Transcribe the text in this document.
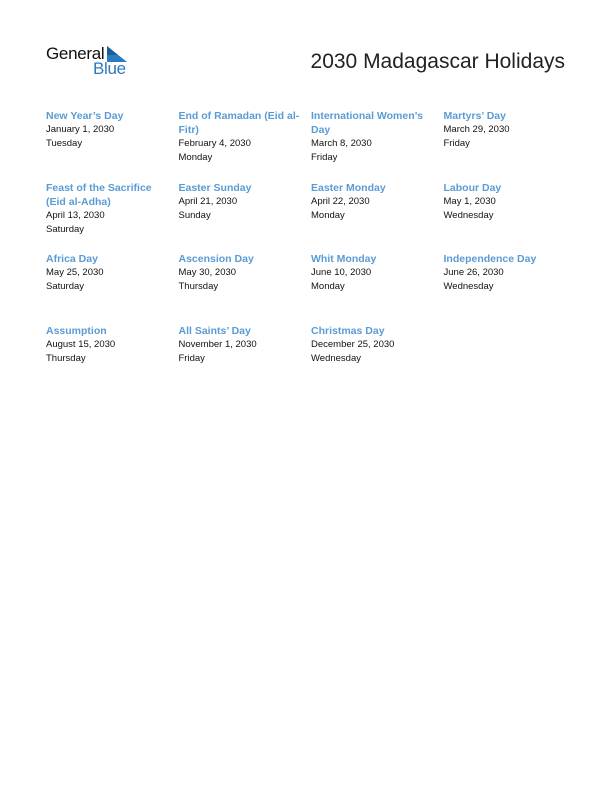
General
Blue	2030 Madagascar Holidays
New Year’s Day
January 1, 2030
Tuesday
End of Ramadan (Eid al-Fitr)
February 4, 2030
Monday
International Women’s Day
March 8, 2030
Friday
Martyrs’ Day
March 29, 2030
Friday
Feast of the Sacrifice (Eid al-Adha)
April 13, 2030
Saturday
Easter Sunday
April 21, 2030
Sunday
Easter Monday
April 22, 2030
Monday
Labour Day
May 1, 2030
Wednesday
Africa Day
May 25, 2030
Saturday
Ascension Day
May 30, 2030
Thursday
Whit Monday
June 10, 2030
Monday
Independence Day
June 26, 2030
Wednesday
Assumption
August 15, 2030
Thursday
All Saints’ Day
November 1, 2030
Friday
Christmas Day
December 25, 2030
Wednesday
